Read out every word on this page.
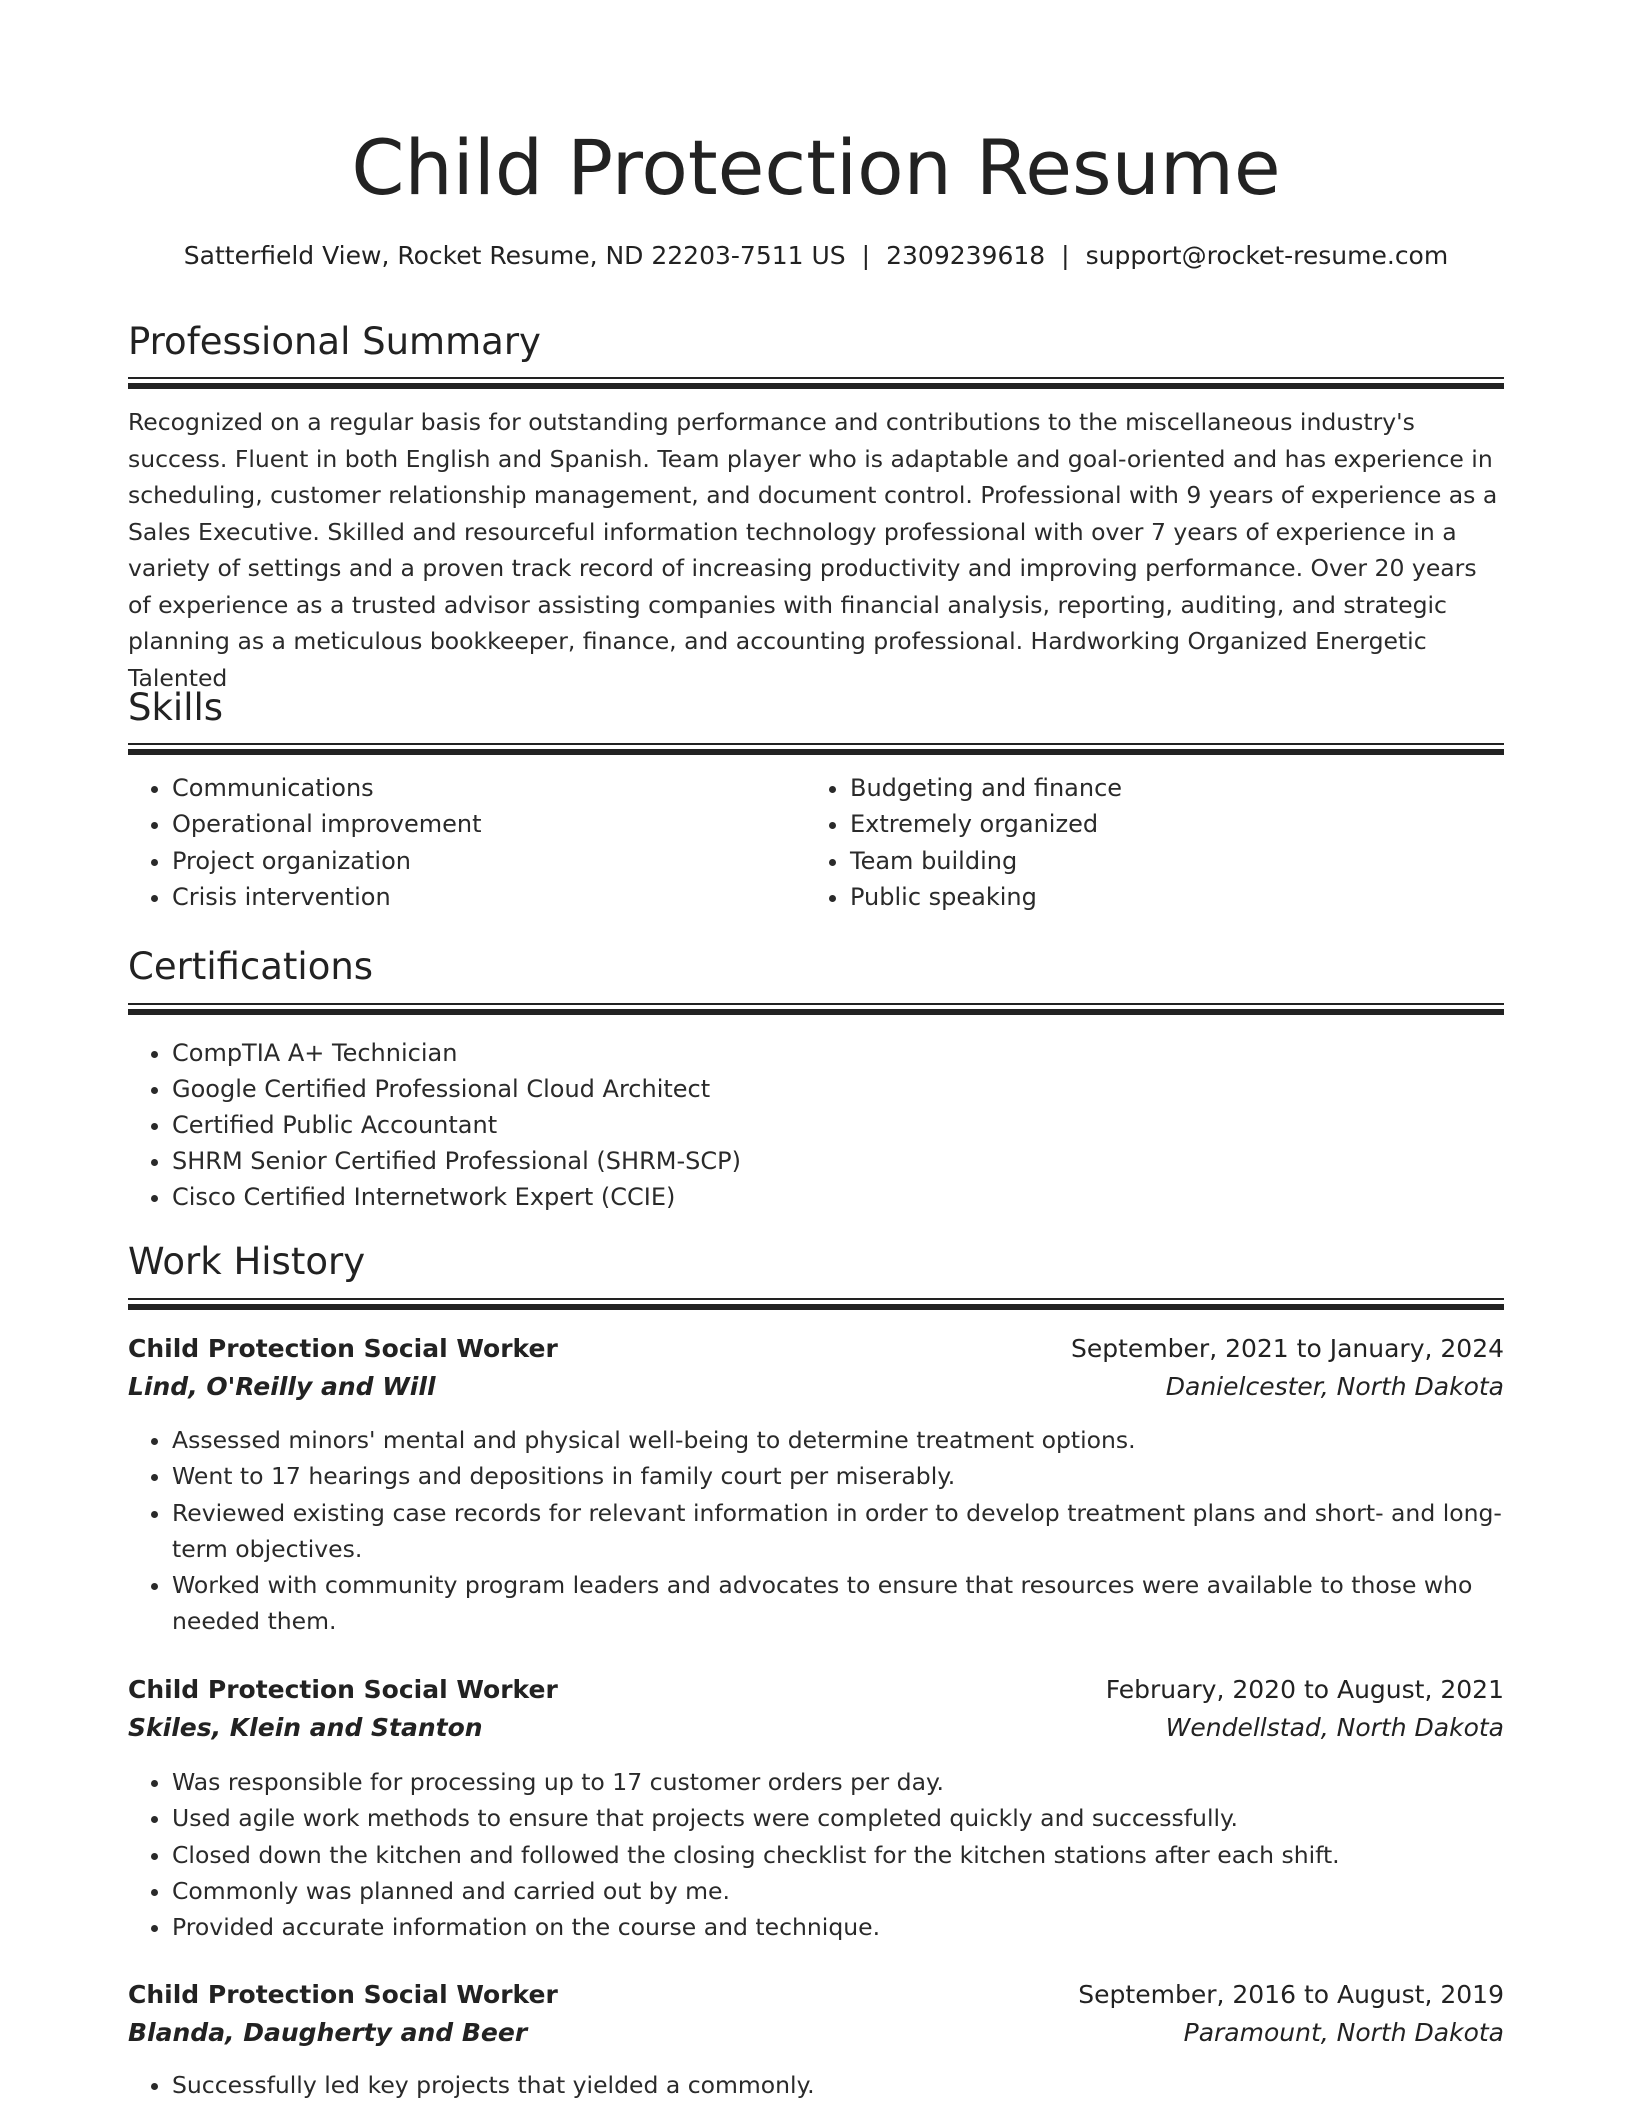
Child Protection Resume
Satterfield View, Rocket Resume, ND 22203-7511 US | 2309239618 | support@rocket-resume.com
Professional Summary

Recognized on a regular basis for outstanding performance and contributions to the miscellaneous industry's success. Fluent in both English and Spanish. Team player who is adaptable and goal-oriented and has experience in scheduling, customer relationship management, and document control. Professional with 9 years of experience as a Sales Executive. Skilled and resourceful information technology professional with over 7 years of experience in a variety of settings and a proven track record of increasing productivity and improving performance. Over 20 years of experience as a trusted advisor assisting companies with financial analysis, reporting, auditing, and strategic planning as a meticulous bookkeeper, finance, and accounting professional. Hardworking Organized Energetic Talented

Skills
• Communications
• Operational improvement
• Project organization
• Crisis intervention
• Budgeting and finance
• Extremely organized
• Team building
• Public speaking
Certifications
• CompTIA A+ Technician
• Google Certified Professional Cloud Architect
• Certified Public Accountant
• SHRM Senior Certified Professional (SHRM-SCP)
• Cisco Certified Internetwork Expert (CCIE)
Work History
Child Protection Social Worker	September, 2021 to January, 2024
Lind, O'Reilly and Will	Danielcester, North Dakota
• Assessed minors' mental and physical well-being to determine treatment options.
• Went to 17 hearings and depositions in family court per miserably.
• Reviewed existing case records for relevant information in order to develop treatment plans and short- and long-term objectives.
• Worked with community program leaders and advocates to ensure that resources were available to those who needed them.
Child Protection Social Worker	February, 2020 to August, 2021
Skiles, Klein and Stanton	Wendellstad, North Dakota
• Was responsible for processing up to 17 customer orders per day.
• Used agile work methods to ensure that projects were completed quickly and successfully.
• Closed down the kitchen and followed the closing checklist for the kitchen stations after each shift.
• Commonly was planned and carried out by me.
• Provided accurate information on the course and technique.
Child Protection Social Worker	September, 2016 to August, 2019
Blanda, Daugherty and Beer	Paramount, North Dakota
• Successfully led key projects that yielded a commonly.
